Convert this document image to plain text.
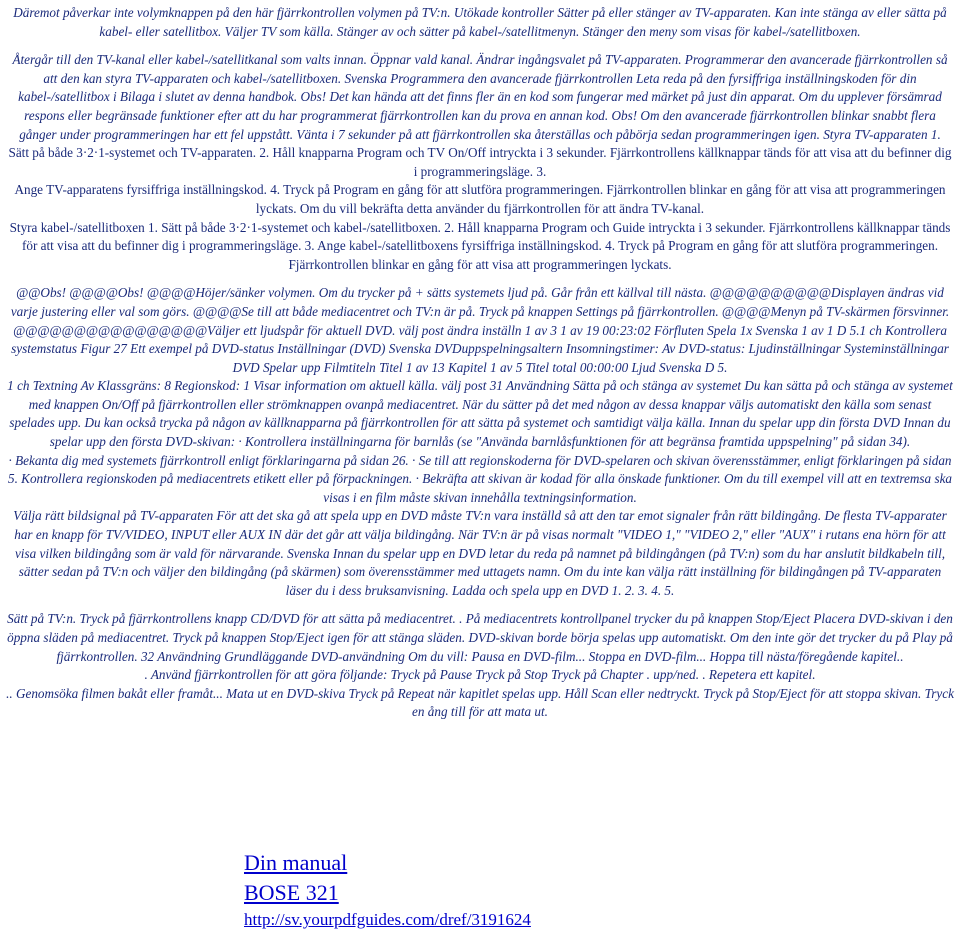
Däremot påverkar inte volymknappen på den här fjärrkontrollen volymen på TV:n. Utökade kontroller Sätter på eller stänger av TV-apparaten. Kan inte stänga av eller sätta på kabel- eller satellitbox. Väljer TV som källa. Stänger av och sätter på kabel-/satellitmenyn. Stänger den meny som visas för kabel-/satellitboxen.

Återgår till den TV-kanal eller kabel-/satellitkanal som valts innan. Öppnar vald kanal. Ändrar ingångsvalet på TV-apparaten. Programmerar den avancerade fjärrkontrollen så att den kan styra TV-apparaten och kabel-/satellitboxen. Svenska Programmera den avancerade fjärrkontrollen Leta reda på den fyrsiffriga inställningskoden för din kabel-/satellitbox i Bilaga i slutet av denna handbok. Obs! Det kan hända att det finns fler än en kod som fungerar med märket på just din apparat. Om du upplever försämrad respons eller begränsade funktioner efter att du har programmerat fjärrkontrollen kan du prova en annan kod. Obs! Om den avancerade fjärrkontrollen blinkar snabbt flera gånger under programmeringen har ett fel uppstått. Vänta i 7 sekunder på att fjärrkontrollen ska återställas och påbörja sedan programmeringen igen. Styra TV-apparaten 1.

Sätt på både 3·2·1-systemet och TV-apparaten. 2. Håll knapparna Program och TV On/Off intryckta i 3 sekunder. Fjärrkontrollens källknappar tänds för att visa att du befinner dig i programmeringsläge. 3.

Ange TV-apparatens fyrsiffriga inställningskod. 4. Tryck på Program en gång för att slutföra programmeringen. Fjärrkontrollen blinkar en gång för att visa att programmeringen lyckats. Om du vill bekräfta detta använder du fjärrkontrollen för att ändra TV-kanal.

Styra kabel-/satellitboxen 1. Sätt på både 3·2·1-systemet och kabel-/satellitboxen. 2. Håll knapparna Program och Guide intryckta i 3 sekunder. Fjärrkontrollens källknappar tänds för att visa att du befinner dig i programmeringsläge. 3. Ange kabel-/satellitboxens fyrsiffriga inställningskod. 4. Tryck på Program en gång för att slutföra programmeringen. Fjärrkontrollen blinkar en gång för att visa att programmeringen lyckats.

@@Obs! @@@@Obs! @@@@Höjer/sänker volymen. Om du trycker på + sätts systemets ljud på. Går från ett källval till nästa. @@@@@@@@@@Displayen ändras vid varje justering eller val som görs. @@@@Se till att både mediacentret och TV:n är på. Tryck på knappen Settings på fjärrkontrollen. @@@@Menyn på TV-skärmen försvinner. @@@@@@@@@@@@@@@@Väljer ett ljudspår för aktuell DVD. välj post ändra inställn 1 av 3 1 av 19 00:23:02 Förfluten Spela 1x Svenska 1 av 1 D 5.1 ch Kontrollera systemstatus Figur 27 Ett exempel på DVD-status Inställningar (DVD) Svenska DVDuppspelningsaltern Insomningstimer: Av DVD-status: Ljudinställningar Systeminställningar DVD Spelar upp Filmtiteln Titel 1 av 13 Kapitel 1 av 5 Titel total 00:00:00 Ljud Svenska D 5.

1 ch Textning Av Klassgräns: 8 Regionskod: 1 Visar information om aktuell källa. välj post 31 Användning Sätta på och stänga av systemet Du kan sätta på och stänga av systemet med knappen On/Off på fjärrkontrollen eller strömknappen ovanpå mediacentret. När du sätter på det med någon av dessa knappar väljs automatiskt den källa som senast spelades upp. Du kan också trycka på någon av källknapparna på fjärrkontrollen för att sätta på systemet och samtidigt välja källa. Innan du spelar upp din första DVD Innan du spelar upp den första DVD-skivan: · Kontrollera inställningarna för barnlås (se "Använda barnlåsfunktionen för att begränsa framtida uppspelning" på sidan 34).

· Bekanta dig med systemets fjärrkontroll enligt förklaringarna på sidan 26. · Se till att regionskoderna för DVD-spelaren och skivan överensstämmer, enligt förklaringen på sidan 5. Kontrollera regionskoden på mediacentrets etikett eller på förpackningen. · Bekräfta att skivan är kodad för alla önskade funktioner. Om du till exempel vill att en textremsa ska visas i en film måste skivan innehålla textningsinformation.

Välja rätt bildsignal på TV-apparaten För att det ska gå att spela upp en DVD måste TV:n vara inställd så att den tar emot signaler från rätt bildingång. De flesta TV-apparater har en knapp för TV/VIDEO, INPUT eller AUX IN där det går att välja bildingång. När TV:n är på visas normalt "VIDEO 1," "VIDEO 2," eller "AUX" i rutans ena hörn för att visa vilken bildingång som är vald för närvarande. Svenska Innan du spelar upp en DVD letar du reda på namnet på bildingången (på TV:n) som du har anslutit bildkabeln till, sätter sedan på TV:n och väljer den bildingång (på skärmen) som överensstämmer med uttagets namn. Om du inte kan välja rätt inställning för bildingången på TV-apparaten läser du i dess bruksanvisning. Ladda och spela upp en DVD 1. 2. 3. 4. 5.

Sätt på TV:n. Tryck på fjärrkontrollens knapp CD/DVD för att sätta på mediacentret. . På mediacentrets kontrollpanel trycker du på knappen Stop/Eject Placera DVD-skivan i den öppna släden på mediacentret. Tryck på knappen Stop/Eject igen för att stänga släden. DVD-skivan borde börja spelas upp automatiskt. Om den inte gör det trycker du på Play på fjärrkontrollen. 32 Användning Grundläggande DVD-användning Om du vill: Pausa en DVD-film... Stoppa en DVD-film... Hoppa till nästa/föregående kapitel..

. Använd fjärrkontrollen för att göra följande: Tryck på Pause Tryck på Stop Tryck på Chapter . upp/ned. . Repetera ett kapitel.

.. Genomsöka filmen bakåt eller framåt... Mata ut en DVD-skiva Tryck på Repeat när kapitlet spelas upp. Håll Scan eller nedtryckt. Tryck på Stop/Eject för att stoppa skivan. Tryck en ång till för att mata ut.

Din manual
BOSE 321
http://sv.yourpdfguides.com/dref/3191624
